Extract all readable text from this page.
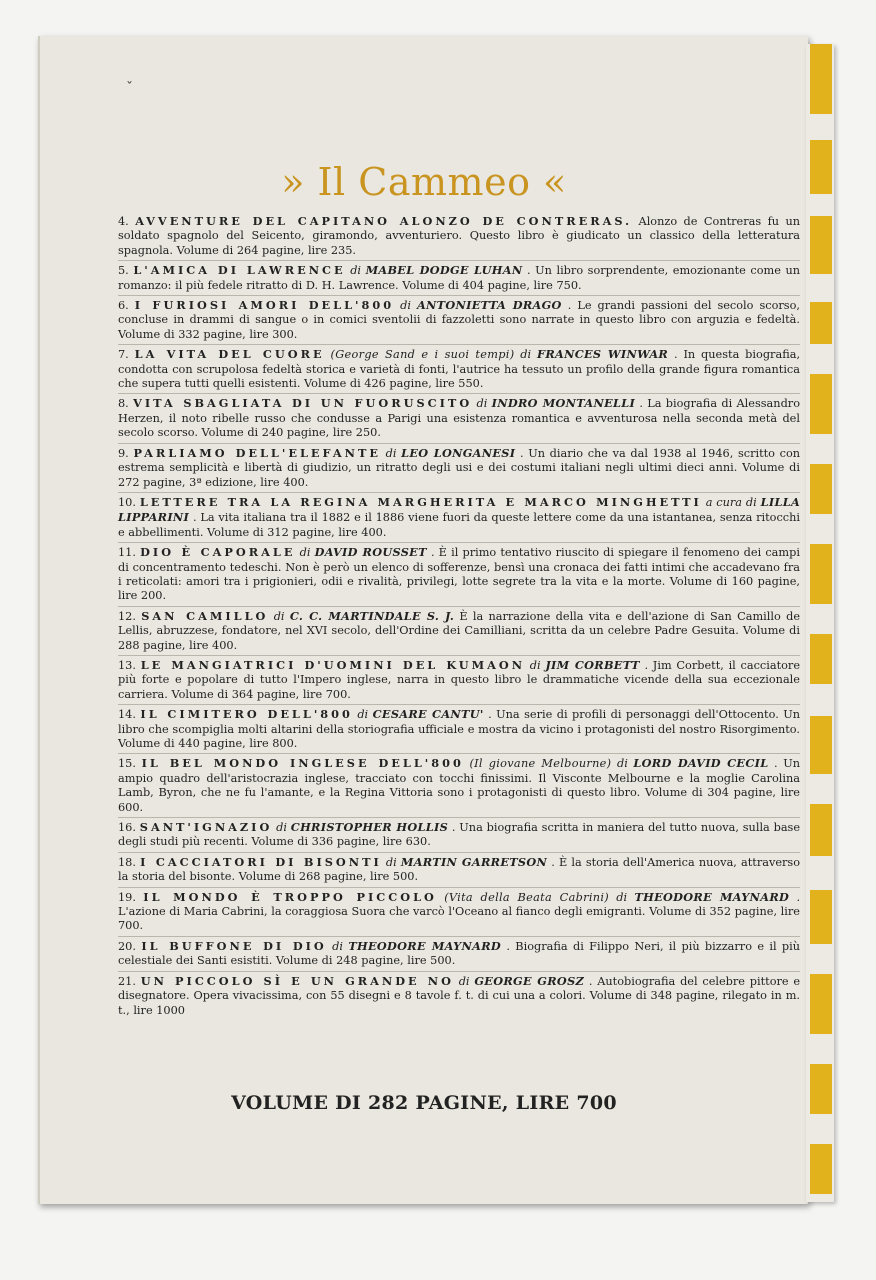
ˇ
» Il Cammeo «

4. AVVENTURE DEL CAPITANO ALONZO DE CONTRERAS. Alonzo de Contreras fu un soldato spagnolo del Seicento, giramondo, avventuriero. Questo libro è giudicato un classico della letteratura spagnola. Volume di 264 pagine, lire 235.

5. L'AMICA DI LAWRENCE di MABEL DODGE LUHAN . Un libro sorprendente, emozionante come un romanzo: il più fedele ritratto di D. H. Lawrence. Volume di 404 pagine, lire 750.

6. I FURIOSI AMORI DELL'800 di ANTONIETTA DRAGO . Le grandi passioni del secolo scorso, concluse in drammi di sangue o in comici sventolii di fazzoletti sono narrate in questo libro con arguzia e fedeltà. Volume di 332 pagine, lire 300.

7. LA VITA DEL CUORE (George Sand e i suoi tempi) di FRANCES WINWAR . In questa biografia, condotta con scrupolosa fedeltà storica e varietà di fonti, l'autrice ha tessuto un profilo della grande figura romantica che supera tutti quelli esistenti. Volume di 426 pagine, lire 550.

8. VITA SBAGLIATA DI UN FUORUSCITO di INDRO MONTANELLI . La biografia di Alessandro Herzen, il noto ribelle russo che condusse a Parigi una esistenza romantica e avventurosa nella seconda metà del secolo scorso. Volume di 240 pagine, lire 250.

9. PARLIAMO DELL'ELEFANTE di LEO LONGANESI . Un diario che va dal 1938 al 1946, scritto con estrema semplicità e libertà di giudizio, un ritratto degli usi e dei costumi italiani negli ultimi dieci anni. Volume di 272 pagine, 3ª edizione, lire 400.

10. LETTERE TRA LA REGINA MARGHERITA E MARCO MINGHETTI a cura di LILLA LIPPARINI . La vita italiana tra il 1882 e il 1886 viene fuori da queste lettere come da una istantanea, senza ritocchi e abbellimenti. Volume di 312 pagine, lire 400.

11. DIO È CAPORALE di DAVID ROUSSET . È il primo tentativo riuscito di spiegare il fenomeno dei campi di concentramento tedeschi. Non è però un elenco di sofferenze, bensì una cronaca dei fatti intimi che accadevano fra i reticolati: amori tra i prigionieri, odii e rivalità, privilegi, lotte segrete tra la vita e la morte. Volume di 160 pagine, lire 200.

12. SAN CAMILLO di C. C. MARTINDALE S. J. È la narrazione della vita e dell'azione di San Camillo de Lellis, abruzzese, fondatore, nel XVI secolo, dell'Ordine dei Camilliani, scritta da un celebre Padre Gesuita. Volume di 288 pagine, lire 400.

13. LE MANGIATRICI D'UOMINI DEL KUMAON di JIM CORBETT . Jim Corbett, il cacciatore più forte e popolare di tutto l'Impero inglese, narra in questo libro le drammatiche vicende della sua eccezionale carriera. Volume di 364 pagine, lire 700.

14. IL CIMITERO DELL'800 di CESARE CANTU' . Una serie di profili di personaggi dell'Ottocento. Un libro che scompiglia molti altarini della storiografia ufficiale e mostra da vicino i protagonisti del nostro Risorgimento. Volume di 440 pagine, lire 800.

15. IL BEL MONDO INGLESE DELL'800 (Il giovane Melbourne) di LORD DAVID CECIL . Un ampio quadro dell'aristocrazia inglese, tracciato con tocchi finissimi. Il Visconte Melbourne e la moglie Carolina Lamb, Byron, che ne fu l'amante, e la Regina Vittoria sono i protagonisti di questo libro. Volume di 304 pagine, lire 600.

16. SANT'IGNAZIO di CHRISTOPHER HOLLIS . Una biografia scritta in maniera del tutto nuova, sulla base degli studi più recenti. Volume di 336 pagine, lire 630.

18. I CACCIATORI DI BISONTI di MARTIN GARRETSON . È la storia dell'America nuova, attraverso la storia del bisonte. Volume di 268 pagine, lire 500.

19. IL MONDO È TROPPO PICCOLO (Vita della Beata Cabrini) di THEODORE MAYNARD . L'azione di Maria Cabrini, la coraggiosa Suora che varcò l'Oceano al fianco degli emigranti. Volume di 352 pagine, lire 700.

20. IL BUFFONE DI DIO di THEODORE MAYNARD . Biografia di Filippo Neri, il più bizzarro e il più celestiale dei Santi esistiti. Volume di 248 pagine, lire 500.

21. UN PICCOLO SÌ E UN GRANDE NO di GEORGE GROSZ . Autobiografia del celebre pittore e disegnatore. Opera vivacissima, con 55 disegni e 8 tavole f. t. di cui una a colori. Volume di 348 pagine, rilegato in m. t., lire 1000

VOLUME DI 282 PAGINE, LIRE 700
